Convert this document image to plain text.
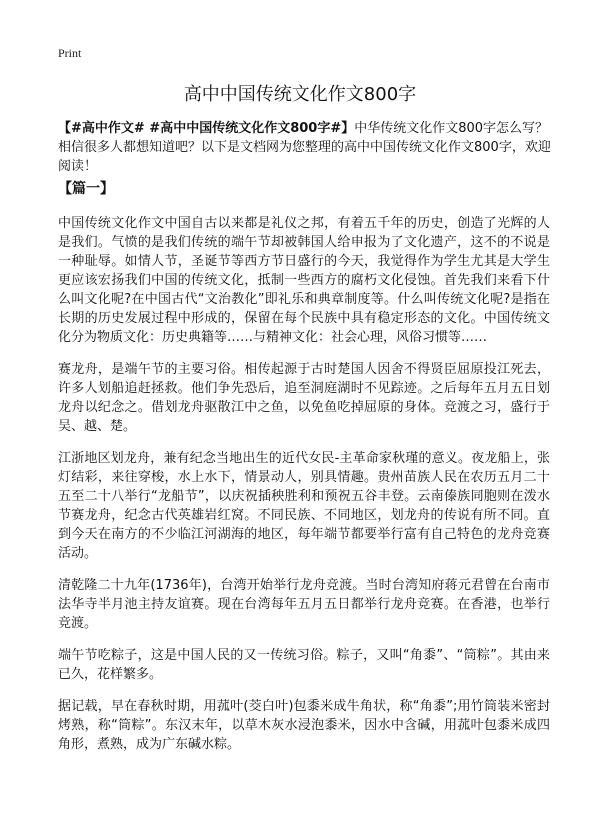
Print
高中中国传统文化作文800字
【#高中作文# #高中中国传统文化作文800字#】中华传统文化作文800字怎么写？相信很多人都想知道吧？以下是文档网为您整理的高中中国传统文化作文800字，欢迎阅读！
【篇一】

中国传统文化作文中国自古以来都是礼仪之邦，有着五千年的历史，创造了光辉的人是我们。气愤的是我们传统的端午节却被韩国人给申报为了文化遗产，这不的不说是一种耻辱。如情人节，圣诞节等西方节日盛行的今天，我觉得作为学生尤其是大学生更应该宏扬我们中国的传统文化，抵制一些西方的腐朽文化侵蚀。首先我们来看下什么叫文化呢?在中国古代“文治教化”即礼乐和典章制度等。什么叫传统文化呢?是指在长期的历史发展过程中形成的，保留在每个民族中具有稳定形态的文化。中国传统文化分为物质文化：历史典籍等……与精神文化：社会心理，风俗习惯等……

赛龙舟，是端午节的主要习俗。相传起源于古时楚国人因舍不得贤臣屈原投江死去，许多人划船追赶拯救。他们争先恐后，追至洞庭湖时不见踪迹。之后每年五月五日划龙舟以纪念之。借划龙舟驱散江中之鱼，以免鱼吃掉屈原的身体。竞渡之习，盛行于吴、越、楚。

江浙地区划龙舟，兼有纪念当地出生的近代女民-主革命家秋瑾的意义。夜龙船上，张灯结彩，来往穿梭，水上水下，情景动人，别具情趣。贵州苗族人民在农历五月二十五至二十八举行“龙船节”，以庆祝插秧胜利和预祝五谷丰登。云南傣族同胞则在泼水节赛龙舟，纪念古代英雄岩红窝。不同民族、不同地区，划龙舟的传说有所不同。直到今天在南方的不少临江河湖海的地区，每年端节都要举行富有自己特色的龙舟竞赛活动。

清乾隆二十九年(1736年)，台湾开始举行龙舟竞渡。当时台湾知府蒋元君曾在台南市法华寺半月池主持友谊赛。现在台湾每年五月五日都举行龙舟竞赛。在香港，也举行竞渡。

端午节吃粽子，这是中国人民的又一传统习俗。粽子，又叫“角黍”、“筒粽”。其由来已久，花样繁多。

据记载，早在春秋时期，用菰叶(茭白叶)包黍米成牛角状，称“角黍”;用竹筒装米密封烤熟，称“筒粽”。东汉末年，以草木灰水浸泡黍米，因水中含碱，用菰叶包黍米成四角形，煮熟，成为广东碱水粽。
